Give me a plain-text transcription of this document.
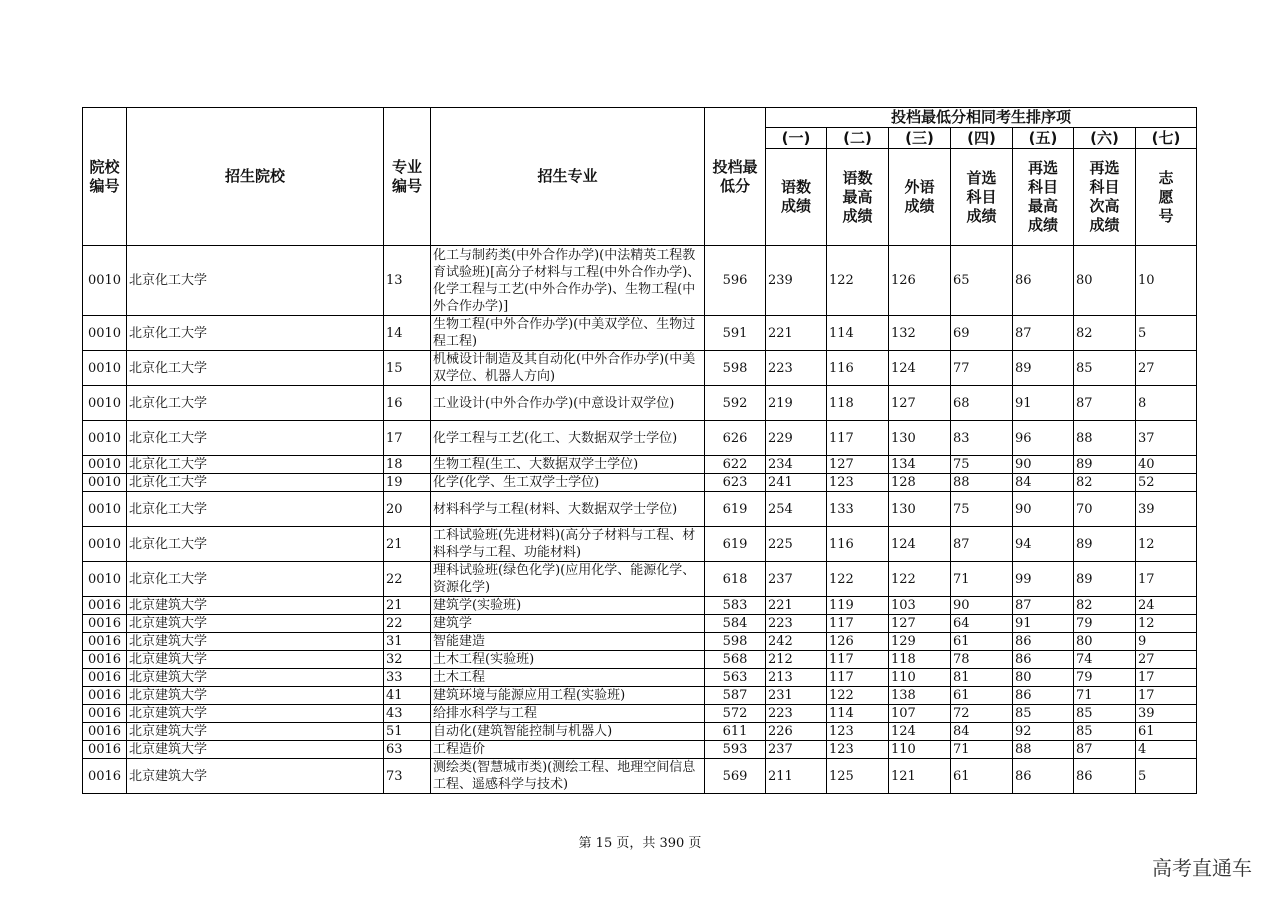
院校编号	招生院校	专业编号	招生专业	投档最低分	投档最低分相同考生排序项						
					(一)	(二)	(三)	(四)	(五)	(六)	(七)
					语数成绩	语数最高成绩	外语成绩	首选科目成绩	再选科目最高成绩	再选科目次高成绩	志愿号
0010	北京化工大学	13	化工与制药类(中外合作办学)(中法精英工程教育试验班)[高分子材料与工程(中外合作办学)、化学工程与工艺(中外合作办学)、生物工程(中外合作办学)]	596	239	122	126	65	86	80	10
0010	北京化工大学	14	生物工程(中外合作办学)(中美双学位、生物过程工程)	591	221	114	132	69	87	82	5
0010	北京化工大学	15	机械设计制造及其自动化(中外合作办学)(中美双学位、机器人方向)	598	223	116	124	77	89	85	27
0010	北京化工大学	16	工业设计(中外合作办学)(中意设计双学位)	592	219	118	127	68	91	87	8
0010	北京化工大学	17	化学工程与工艺(化工、大数据双学士学位)	626	229	117	130	83	96	88	37
0010	北京化工大学	18	生物工程(生工、大数据双学士学位)	622	234	127	134	75	90	89	40
0010	北京化工大学	19	化学(化学、生工双学士学位)	623	241	123	128	88	84	82	52
0010	北京化工大学	20	材料科学与工程(材料、大数据双学士学位)	619	254	133	130	75	90	70	39
0010	北京化工大学	21	工科试验班(先进材料)(高分子材料与工程、材料科学与工程、功能材料)	619	225	116	124	87	94	89	12
0010	北京化工大学	22	理科试验班(绿色化学)(应用化学、能源化学、资源化学)	618	237	122	122	71	99	89	17
0016	北京建筑大学	21	建筑学(实验班)	583	221	119	103	90	87	82	24
0016	北京建筑大学	22	建筑学	584	223	117	127	64	91	79	12
0016	北京建筑大学	31	智能建造	598	242	126	129	61	86	80	9
0016	北京建筑大学	32	土木工程(实验班)	568	212	117	118	78	86	74	27
0016	北京建筑大学	33	土木工程	563	213	117	110	81	80	79	17
0016	北京建筑大学	41	建筑环境与能源应用工程(实验班)	587	231	122	138	61	86	71	17
0016	北京建筑大学	43	给排水科学与工程	572	223	114	107	72	85	85	39
0016	北京建筑大学	51	自动化(建筑智能控制与机器人)	611	226	123	124	84	92	85	61
0016	北京建筑大学	63	工程造价	593	237	123	110	71	88	87	4
0016	北京建筑大学	73	测绘类(智慧城市类)(测绘工程、地理空间信息工程、遥感科学与技术)	569	211	125	121	61	86	86	5
第 15 页，共 390 页
高考直通车
